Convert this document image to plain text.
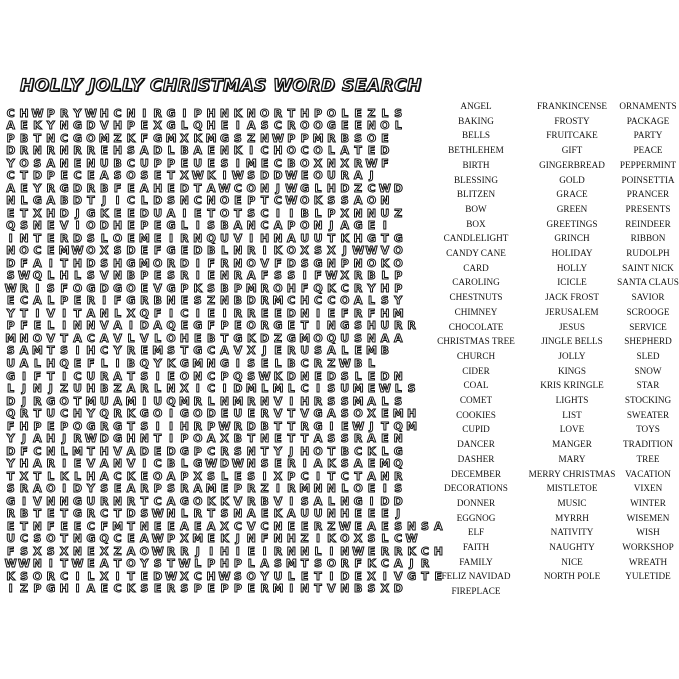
HOLLY JOLLY CHRISTMAS WORD SEARCH
C H W P R Y W H C N I R G I P H N K N O R T H P O L E Z L S
A E K Y N G D V H P E X G L Q H E I A S C R O O G E E N O L
P B T N C G O M Z K F G M X K M G S Z N W P P M R B S O E
D R N R N R R E H S A D L B A E N K I C H O C O L A T E D
Y O S A N E N U B C U P P E U E S I M E C B O X N X R W F
C T D P E C E A S O S E T X W K I W S D D W E O U R A J
A E Y R G D R B F E A H E D T A W C O N J W G L H D Z C W D
N L G A B D T J I C L D S N C N O E P T C W O K S S A O N
E T X H D J G K E E D U A I E T O T S C I I B L P X N N U Z
Q S N E V I O D H E P E G L I S B A N C A P O N J A G E I
I N T E R D S L O E M E I R N Q U V I H N A U U T K H G T G
N O C E M W O X S D E F G E D B L N R I K O X S X J W W V O
D F A I T H D S H G M O R D I F R N O V F D S G N P N O K O
S W Q L H L S V N B P E S R I E N R A F S S I F W X R B L P
W R I S F O G D G O E V G P K S B P M R O H F Q K C R Y H P
E C A L P E R I F G R B N E S Z N B D R M C H C C O A L S Y
Y T I V I T A N L X Q F I C I E I R R E E D N I E F R F H M
P F E L I N N V A I D A Q E G F P E O R G E T I N G S H U R R
M N O V T A C A V L V L O H E B T G K D Z G M O Q U S N A A
S A M T S I H C Y R E M S T G C A V X J E R U S A L E M B
U A L H Q E F L I B Q Y K G M N G I S E L B C R Z W B L
G I F T I C U R A T S I E O N C P Q S W K D N E D S L E D N
L J N J Z U H B Z A R L N X I C I D M L M L C I S U M E W L S
D J R G O T M U A M I U Q M R L N M R N V I H R S S M A L S
Q R T U C H Y Q R K G O I G O D E U E R V T V G A S O X E M H
F H P E P O G R G T S I I H R P W R D B T T R G I E W J T Q M
Y J A H J R W D G H N T I P O A X B T N E T T A S S R A E N
D F C N L M T H V A D E D G P C R S N T Y J H O T B C K L G
Y H A R I E V A N V I C B L G W D W N S E R I A K S A E M Q
T X T L K L H A C K E O A P X S L E S I X P C I T C T A N R
S R A O I D Y S E A R P S R A M E P R Z I R M N N L O E I S
G I V N N G U R N R T C A G O K K V R B V I S A L N G I D D
R B T E T G R C T D S W N L R T S N A E K A U U N H E E E J
E T N F E E C F M T N E E A E A X C V C N E E R Z W E A E S N S A
U C S O T N G Q C E A W P X M E K J N F N H Z I K O X S L C W
F S X S X N E X Z A O W R R J I H I E I R N N L I N W E R R K C H
W W N I T W E A T O Y S T W L P H P L A S M T S O R F K C A J R
K S O R C I L X I T E D W X C H W S O Y U L E T I D E X I V G T E
I Z P G H I A E C K S E R S P E P P E R M I N T V N B S X D
ANGEL
BAKING
BELLS
BETHLEHEM
BIRTH
BLESSING
BLITZEN
BOW
BOX
CANDLELIGHT
CANDY CANE
CARD
CAROLING
CHESTNUTS
CHIMNEY
CHOCOLATE
CHRISTMAS TREE
CHURCH
CIDER
COAL
COMET
COOKIES
CUPID
DANCER
DASHER
DECEMBER
DECORATIONS
DONNER
EGGNOG
ELF
FAITH
FAMILY
FELIZ NAVIDAD
FIREPLACE
FRANKINCENSE
FROSTY
FRUITCAKE
GIFT
GINGERBREAD
GOLD
GRACE
GREEN
GREETINGS
GRINCH
HOLIDAY
HOLLY
ICICLE
JACK FROST
JERUSALEM
JESUS
JINGLE BELLS
JOLLY
KINGS
KRIS KRINGLE
LIGHTS
LIST
LOVE
MANGER
MARY
MERRY CHRISTMAS
MISTLETOE
MUSIC
MYRRH
NATIVITY
NAUGHTY
NICE
NORTH POLE
ORNAMENTS
PACKAGE
PARTY
PEACE
PEPPERMINT
POINSETTIA
PRANCER
PRESENTS
REINDEER
RIBBON
RUDOLPH
SAINT NICK
SANTA CLAUS
SAVIOR
SCROOGE
SERVICE
SHEPHERD
SLED
SNOW
STAR
STOCKING
SWEATER
TOYS
TRADITION
TREE
VACATION
VIXEN
WINTER
WISEMEN
WISH
WORKSHOP
WREATH
YULETIDE
